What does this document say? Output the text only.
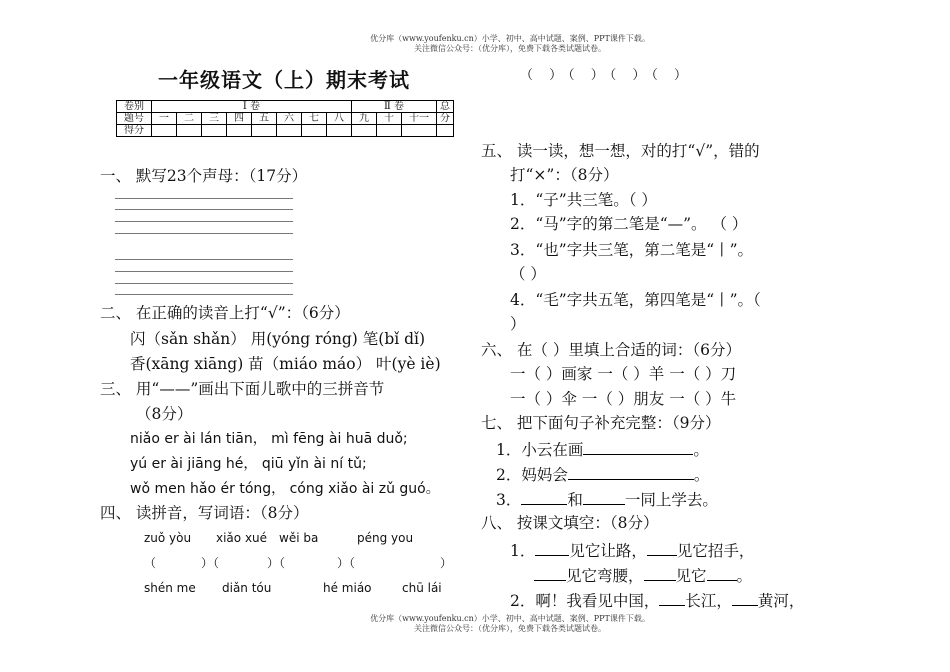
优分库（www.youfenku.cn）小学、初中、高中试题、案例、PPT课件下载。
关注微信公众号：（优分库），免费下载各类试题试卷。
一年级语文（上）期末考试	（ ）（ ）（ ）（ ）
卷别	Ⅰ 卷								Ⅱ 卷			总
题号	一	二	三	四	五	六	七	八	九	十	十一	分
得分												
一、 默写23个声母：（17分）
二、 在正确的读音上打“√”：（6分）
闪（sǎn shǎn） 用(yóng róng) 笔(bǐ dǐ)
香(xāng xiāng) 苗（miáo máo） 叶(yè iè)
三、 用“——”画出下面儿歌中的三拼音节
（8分）
niǎo er ài lán tiān， mì fēng ài huā duǒ;
yú er ài jiāng hé， qiū yǐn ài ní tǔ;
wǒ men hǎo ér tóng， cóng xiǎo ài zǔ guó。
四、 读拼音，写词语：（8分）
zuǒ yòu xiǎo xué wěi ba	péng you
（	）（	）（	）（	）
shén me diǎn tóu	hé miáo	chū lái
五、 读一读，想一想，对的打“√”，错的
打“×”：（8分）
1．“子”共三笔。（ ）
2．“马”字的第二笔是“—”。 （ ）
3．“也”字共三笔，第二笔是“丨”。
（ ）
4．“毛”字共五笔，第四笔是“丨”。（
）
六、 在（ ）里填上合适的词：（6分）
一（ ）画家 一（ ）羊 一（ ）刀
一（ ）伞 一（ ）朋友 一（ ）牛
七、 把下面句子补充完整：（9分）
1．小云在画	。
2．妈妈会	。
3．	和	一同上学去。
八、 按课文填空：（8分）
1． 见它让路， 见它招手，
见它弯腰， 见它 。
2．啊！我看见中国， 长江， 黄河，
优分库（www.youfenku.cn）小学、初中、高中试题、案例、PPT课件下载。
关注微信公众号：（优分库），免费下载各类试题试卷。
